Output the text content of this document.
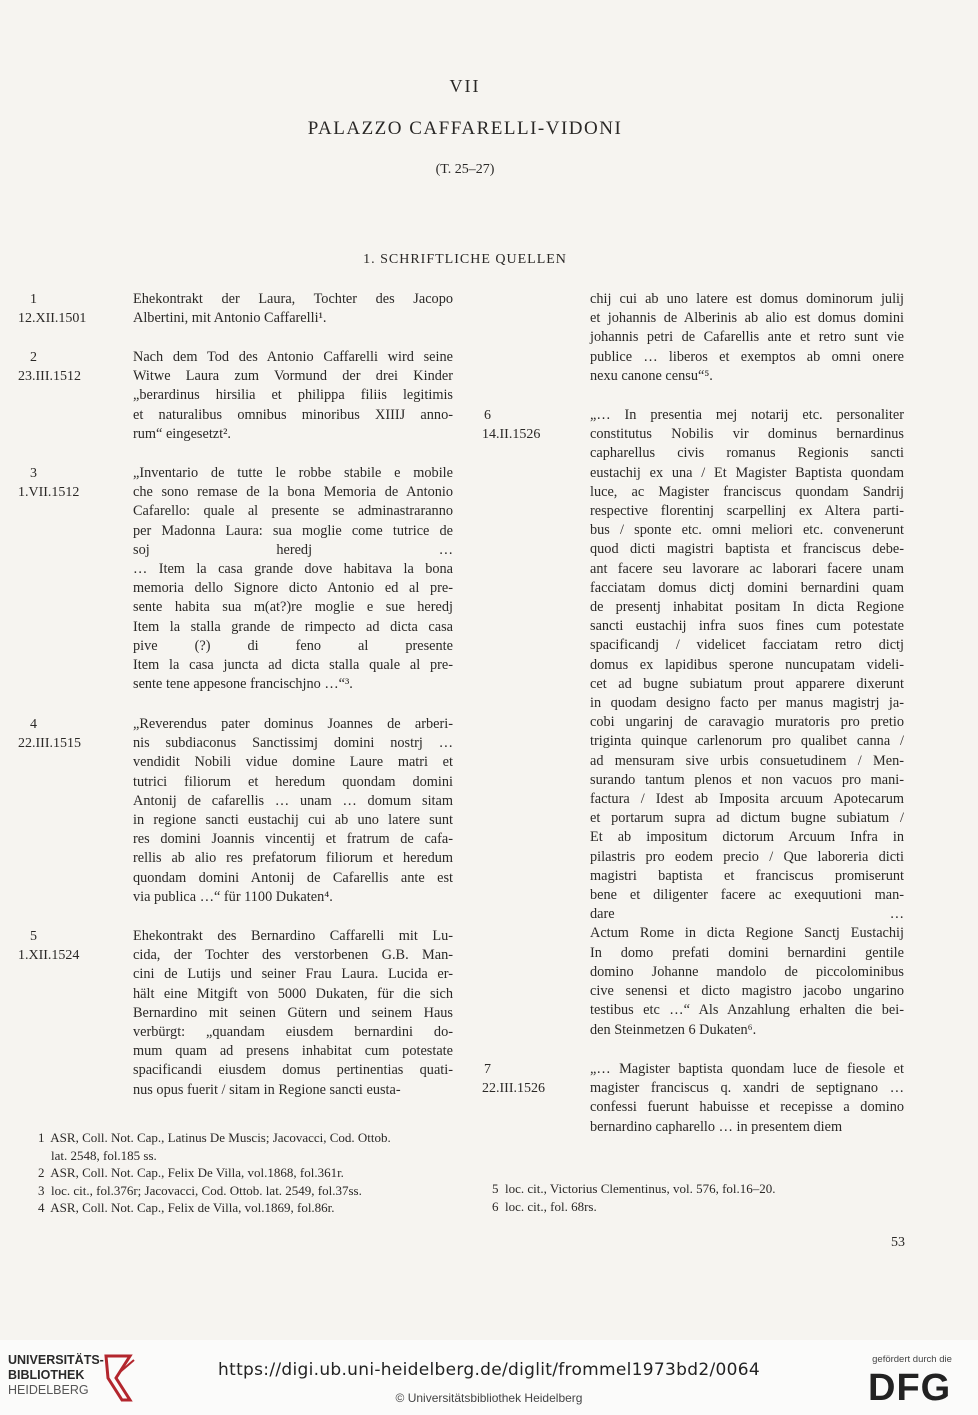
VII
PALAZZO CAFFARELLI-VIDONI
(T. 25–27)
1. SCHRIFTLICHE QUELLEN
1
12.XII.1501

Ehekontrakt der Laura, Tochter des Jacopo

Albertini, mit Antonio Caffarelli¹.

2
23.III.1512

Nach dem Tod des Antonio Caffarelli wird seine

Witwe Laura zum Vormund der drei Kinder

„berardinus hirsilia et philippa filiis legitimis

et naturalibus omnibus minoribus XIIIJ anno-

rum“ eingesetzt².

3
1.VII.1512

„Inventario de tutte le robbe stabile e mobile

che sono remase de la bona Memoria de Antonio

Cafarello: quale al presente se adminastraranno

per Madonna Laura: sua moglie come tutrice de

soj heredj …

… Item la casa grande dove habitava la bona

memoria dello Signore dicto Antonio ed al pre-

sente habita sua m(at?)re moglie e sue heredj

Item la stalla grande de rimpecto ad dicta casa

pive (?) di feno al presente

Item la casa juncta ad dicta stalla quale al pre-

sente tene appesone francischjno …“³.

4
22.III.1515

„Reverendus pater dominus Joannes de arberi-

nis subdiaconus Sanctissimj domini nostrj …

vendidit Nobili vidue domine Laure matri et

tutrici filiorum et heredum quondam domini

Antonij de cafarellis … unam … domum sitam

in regione sancti eustachij cui ab uno latere sunt

res domini Joannis vincentij et fratrum de cafa-

rellis ab alio res prefatorum filiorum et heredum

quondam domini Antonij de Cafarellis ante est

via publica …“ für 1100 Dukaten⁴.

5
1.XII.1524

Ehekontrakt des Bernardino Caffarelli mit Lu-

cida, der Tochter des verstorbenen G.B. Man-

cini de Lutijs und seiner Frau Laura. Lucida er-

hält eine Mitgift von 5000 Dukaten, für die sich

Bernardino mit seinen Gütern und seinem Haus

verbürgt: „quandam eiusdem bernardini do-

mum quam ad presens inhabitat cum potestate

spacificandi eiusdem domus pertinentias quati-

nus opus fuerit / sitam in Regione sancti eusta-

chij cui ab uno latere est domus dominorum julij

et johannis de Alberinis ab alio est domus domini

johannis petri de Cafarellis ante et retro sunt vie

publice … liberos et exemptos ab omni onere

nexu canone censu“⁵.

6
14.II.1526

„… In presentia mej notarij etc. personaliter

constitutus Nobilis vir dominus bernardinus

capharellus civis romanus Regionis sancti

eustachij ex una / Et Magister Baptista quondam

luce, ac Magister franciscus quondam Sandrij

respective florentinj scarpellinj ex Altera parti-

bus / sponte etc. omni meliori etc. convenerunt

quod dicti magistri baptista et franciscus debe-

ant facere seu lavorare ac laborari facere unam

facciatam domus dictj domini bernardini quam

de presentj inhabitat positam In dicta Regione

sancti eustachij infra suos fines cum potestate

spacificandj / videlicet facciatam retro dictj

domus ex lapidibus sperone nuncupatam videli-

cet ad bugne subiatum prout apparere dixerunt

in quodam designo facto per manus magistrj ja-

cobi ungarinj de caravagio muratoris pro pretio

triginta quinque carlenorum pro qualibet canna /

ad mensuram sive urbis consuetudinem / Men-

surando tantum plenos et non vacuos pro mani-

factura / Idest ab Imposita arcuum Apotecarum

et portarum supra ad dictum bugne subiatum /

Et ab impositum dictorum Arcuum Infra in

pilastris pro eodem precio / Que laboreria dicti

magistri baptista et franciscus promiserunt

bene et diligenter facere ac exequutioni man-

dare …

Actum Rome in dicta Regione Sanctj Eustachij

In domo prefati domini bernardini gentile

domino Johanne mandolo de piccolominibus

cive senensi et dicto magistro jacobo ungarino

testibus etc …“ Als Anzahlung erhalten die bei-

den Steinmetzen 6 Dukaten⁶.

7
22.III.1526

„… Magister baptista quondam luce de fiesole et

magister franciscus q. xandri de septignano …

confessi fuerunt habuisse et recepisse a domino

bernardino capharello … in presentem diem

1  ASR, Coll. Not. Cap., Latinus De Muscis; Jacovacci, Cod. Ottob.
lat. 2548, fol.185 ss.
2  ASR, Coll. Not. Cap., Felix De Villa, vol.1868, fol.361r.
3  loc. cit., fol.376r; Jacovacci, Cod. Ottob. lat. 2549, fol.37ss.
4  ASR, Coll. Not. Cap., Felix de Villa, vol.1869, fol.86r.
5  loc. cit., Victorius Clementinus, vol. 576, fol.16–20.
6  loc. cit., fol. 68rs.
53
UNIVERSITÄTS-
BIBLIOTHEK
HEIDELBERG
https://digi.ub.uni-heidelberg.de/diglit/frommel1973bd2/0064
© Universitätsbibliothek Heidelberg
gefördert durch die
DFG
